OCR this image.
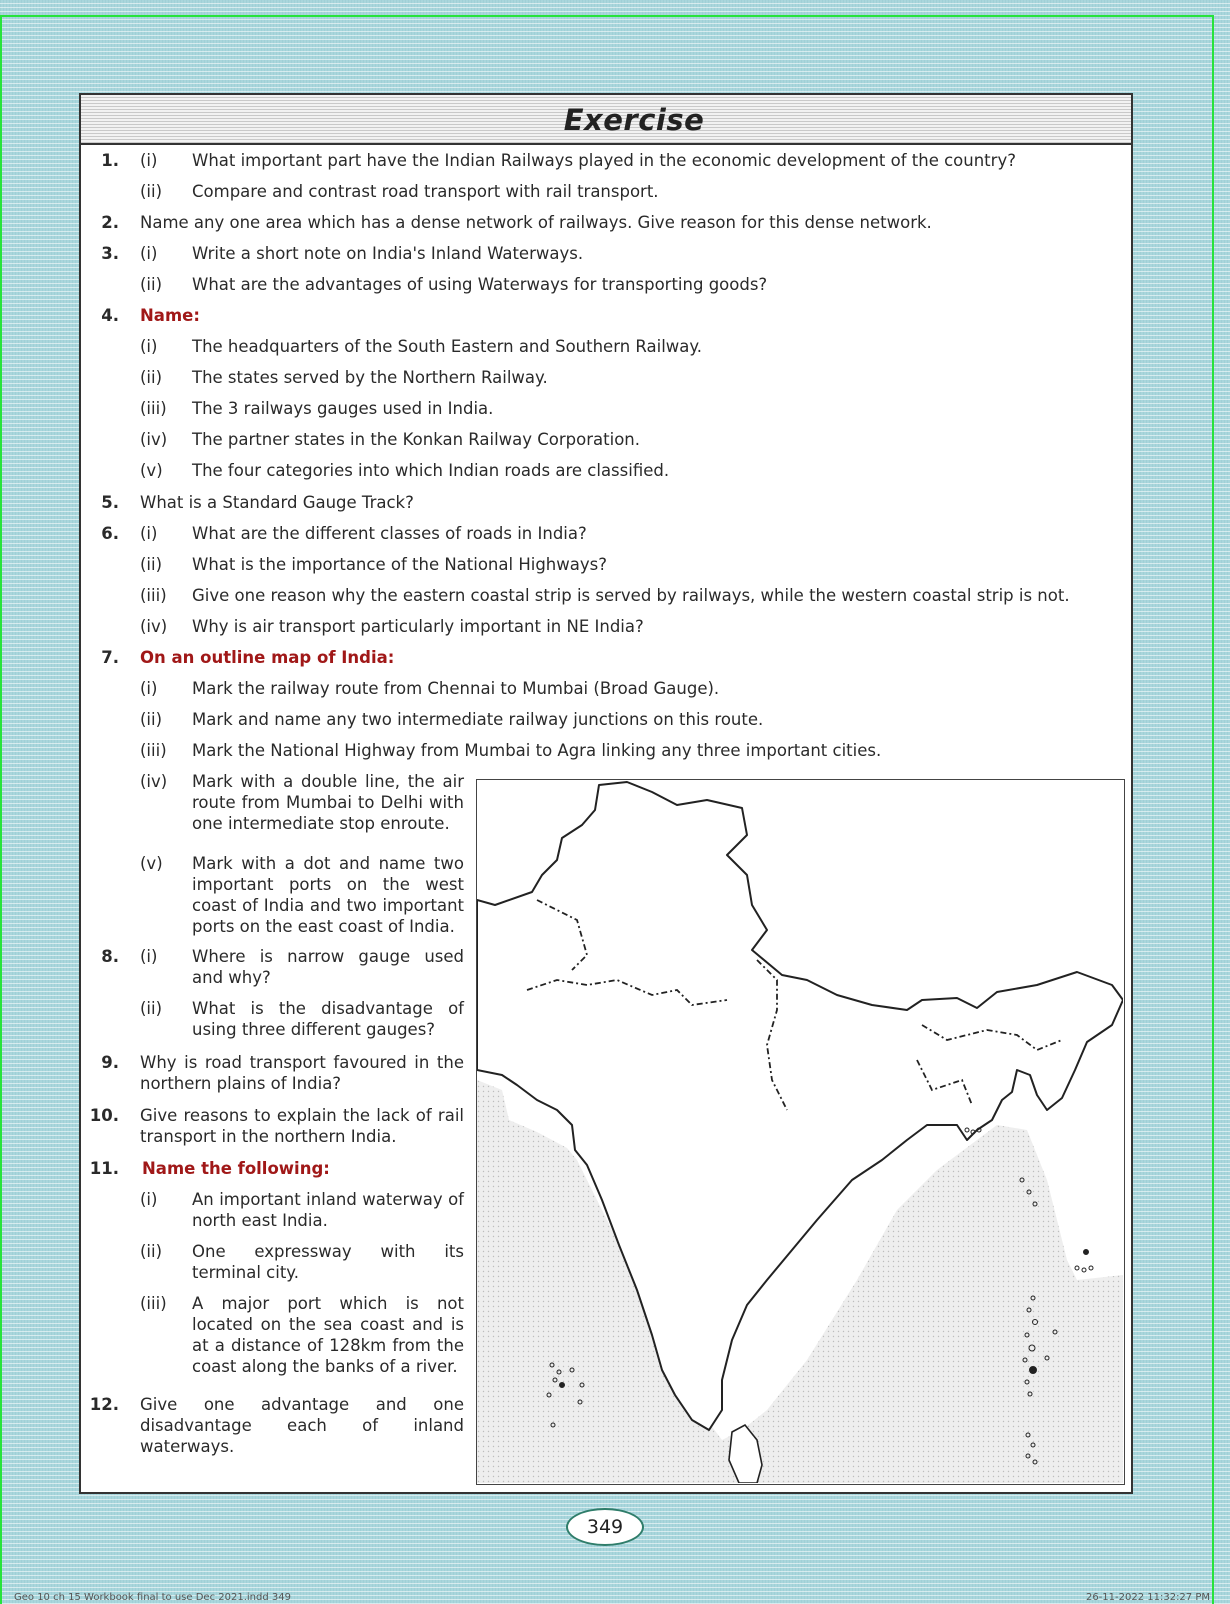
Exercise
1. (i) What important part have the Indian Railways played in the economic development of the country?
(ii) Compare and contrast road transport with rail transport.
2. Name any one area which has a dense network of railways. Give reason for this dense network.
3. (i) Write a short note on India's Inland Waterways.
(ii) What are the advantages of using Waterways for transporting goods?
4. Name:
(i) The headquarters of the South Eastern and Southern Railway.
(ii) The states served by the Northern Railway.
(iii) The 3 railways gauges used in India.
(iv) The partner states in the Konkan Railway Corporation.
(v) The four categories into which Indian roads are classified.
5. What is a Standard Gauge Track?
6. (i) What are the different classes of roads in India?
(ii) What is the importance of the National Highways?
(iii) Give one reason why the eastern coastal strip is served by railways, while the western coastal strip is not.
(iv) Why is air transport particularly important in NE India?
7. On an outline map of India:
(i) Mark the railway route from Chennai to Mumbai (Broad Gauge).
(ii) Mark and name any two intermediate railway junctions on this route.
(iii) Mark the National Highway from Mumbai to Agra linking any three important cities.
(iv) Mark with a double line, the air route from Mumbai to Delhi with one intermediate stop enroute.
(v) Mark with a dot and name two important ports on the west coast of India and two important ports on the east coast of India.
8. (i) Where is narrow gauge used and why?
(ii) What is the disadvantage of using three different gauges?
9. Why is road transport favoured in the northern plains of India?
10. Give reasons to explain the lack of rail transport in the northern India.
11. Name the following:
(i) An important inland waterway of north east India.
(ii) One expressway with its terminal city.
(iii) A major port which is not located on the sea coast and is at a distance of 128km from the coast along the banks of a river.
12. Give one advantage and one disadvantage each of inland waterways.
349
Geo 10 ch 15 Workbook final to use Dec 2021.indd 349	26-11-2022 11:32:27 PM
